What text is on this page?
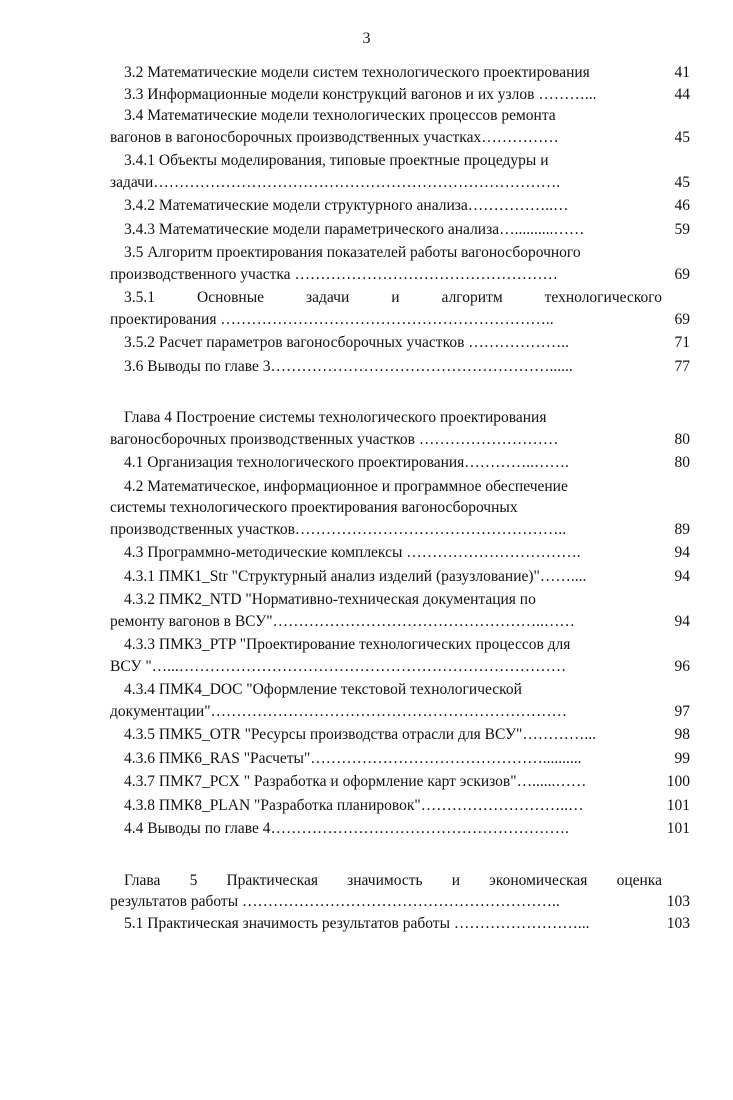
3
3.2 Математические модели систем технологического проектирования	41
3.3 Информационные модели конструкций вагонов и их узлов ………...	44
3.4 Математические модели технологических процессов ремонта
вагонов в вагоносборочных производственных участках……………	45
3.4.1 Объекты моделирования, типовые проектные процедуры и
задачи…………………………………………………………………….	45
3.4.2 Математические модели структурного анализа……………..…	46
3.4.3 Математические модели параметрического анализа…..........……	59
3.5 Алгоритм проектирования показателей работы вагоносборочного
производственного участка ……………………………………………	69
3.5.1 Основные задачи и алгоритм технологического
проектирования ………………………………………………………..	69
3.5.2 Расчет параметров вагоносборочных участков ………………..	71
3.6 Выводы по главе 3………………………………………………......	77
Глава 4 Построение системы технологического проектирования
вагоносборочных производственных участков ………………………	80
4.1 Организация технологического проектирования…………..…….	80
4.2 Математическое, информационное и программное обеспечение
системы технологического проектирования вагоносборочных
производственных участков……………………………………………..	89
4.3 Программно-методические комплексы …………………………….	94
4.3.1 ПМК1_Str "Структурный анализ изделий (разузлование)"……....	94
4.3.2 ПМК2_NTD "Нормативно-техническая документация по
ремонту вагонов в ВСУ"……………………………………………..……	94
4.3.3 ПМК3_PTP "Проектирование технологических процессов для
ВСУ "…...…………………………………………………………………	96
4.3.4 ПМК4_DOC "Оформление текстовой технологической
документации"……………………………………………………………	97
4.3.5 ПМК5_OTR "Ресурсы производства отрасли для ВСУ"…………...	98
4.3.6 ПМК6_RAS "Расчеты"………………………………………..........	99
4.3.7 ПМК7_PCX " Разработка и оформление карт эскизов"…......……	100
4.3.8 ПМК8_PLAN "Разработка планировок"………………………..…	101
4.4 Выводы по главе 4………………………………………………….	101
Глава 5 Практическая значимость и экономическая оценка
результатов работы ……………………………………………………..	103
5.1 Практическая значимость результатов работы ……………………...	103
